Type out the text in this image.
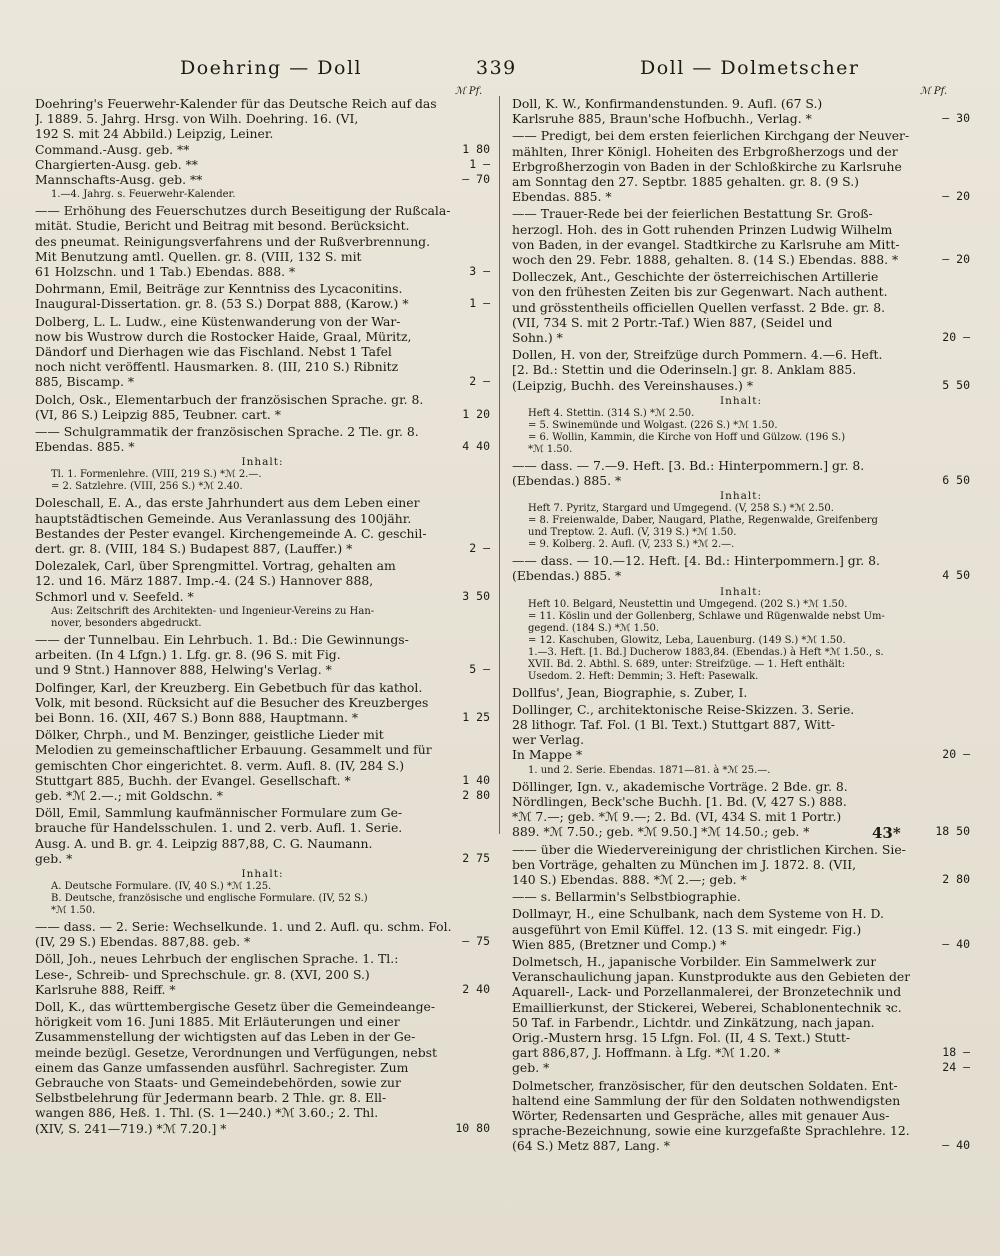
Doehring — Doll	339	Doll — Dolmetscher
ℳ Pf.	ℳ Pf.
Doehring's Feuerwehr-Kalender für das Deutsche Reich auf das
J. 1889. 5. Jahrg. Hrsg. von Wilh. Doehring. 16. (VI,
192 S. mit 24 Abbild.) Leipzig, Leiner.
Command.-Ausg. geb. **	1 80
Chargierten-Ausg. geb. **	1 —
Mannschafts-Ausg. geb. **	— 70
1.—4. Jahrg. s. Feuerwehr-Kalender.
—— Erhöhung des Feuerschutzes durch Beseitigung der Rußcala-
mität. Studie, Bericht und Beitrag mit besond. Berücksicht.
des pneumat. Reinigungsverfahrens und der Rußverbrennung.
Mit Benutzung amtl. Quellen. gr. 8. (VIII, 132 S. mit
61 Holzschn. und 1 Tab.) Ebendas. 888. *	3 —
Dohrmann, Emil, Beiträge zur Kenntniss des Lycaconitins.
Inaugural-Dissertation. gr. 8. (53 S.) Dorpat 888, (Karow.) *	1 —
Dolberg, L. L. Ludw., eine Küstenwanderung von der War-
now bis Wustrow durch die Rostocker Haide, Graal, Müritz,
Dändorf und Dierhagen wie das Fischland. Nebst 1 Tafel
noch nicht veröffentl. Hausmarken. 8. (III, 210 S.) Ribnitz
885, Biscamp. *	2 —
Dolch, Osk., Elementarbuch der französischen Sprache. gr. 8.
(VI, 86 S.) Leipzig 885, Teubner. cart. *	1 20
—— Schulgrammatik der französischen Sprache. 2 Tle. gr. 8.
Ebendas. 885. *	4 40
Inhalt:
Tl. 1. Formenlehre. (VIII, 219 S.) *ℳ 2.—.
= 2. Satzlehre. (VIII, 256 S.) *ℳ 2.40.
Doleschall, E. A., das erste Jahrhundert aus dem Leben einer
hauptstädtischen Gemeinde. Aus Veranlassung des 100jähr.
Bestandes der Pester evangel. Kirchengemeinde A. C. geschil-
dert. gr. 8. (VIII, 184 S.) Budapest 887, (Lauffer.) *	2 —
Dolezalek, Carl, über Sprengmittel. Vortrag, gehalten am
12. und 16. März 1887. Imp.-4. (24 S.) Hannover 888,
Schmorl und v. Seefeld. *	3 50
Aus: Zeitschrift des Architekten- und Ingenieur-Vereins zu Han-
nover, besonders abgedruckt.
—— der Tunnelbau. Ein Lehrbuch. 1. Bd.: Die Gewinnungs-
arbeiten. (In 4 Lfgn.) 1. Lfg. gr. 8. (96 S. mit Fig.
und 9 Stnt.) Hannover 888, Helwing's Verlag. *	5 —
Dolfinger, Karl, der Kreuzberg. Ein Gebetbuch für das kathol.
Volk, mit besond. Rücksicht auf die Besucher des Kreuzberges
bei Bonn. 16. (XII, 467 S.) Bonn 888, Hauptmann. *	1 25
Dölker, Chrph., und M. Benzinger, geistliche Lieder mit
Melodien zu gemeinschaftlicher Erbauung. Gesammelt und für
gemischten Chor eingerichtet. 8. verm. Aufl. 8. (IV, 284 S.)
Stuttgart 885, Buchh. der Evangel. Gesellschaft. *	1 40
geb. *ℳ 2.—.; mit Goldschn. *	2 80
Döll, Emil, Sammlung kaufmännischer Formulare zum Ge-
brauche für Handelsschulen. 1. und 2. verb. Aufl. 1. Serie.
Ausg. A. und B. gr. 4. Leipzig 887,88, C. G. Naumann.
geb. *	2 75
Inhalt:
A. Deutsche Formulare. (IV, 40 S.) *ℳ 1.25.
B. Deutsche, französische und englische Formulare. (IV, 52 S.)
*ℳ 1.50.
—— dass. — 2. Serie: Wechselkunde. 1. und 2. Aufl. qu. schm. Fol.
(IV, 29 S.) Ebendas. 887,88. geb. *	— 75
Döll, Joh., neues Lehrbuch der englischen Sprache. 1. Tl.:
Lese-, Schreib- und Sprechschule. gr. 8. (XVI, 200 S.)
Karlsruhe 888, Reiff. *	2 40
Doll, K., das württembergische Gesetz über die Gemeindeange-
hörigkeit vom 16. Juni 1885. Mit Erläuterungen und einer
Zusammenstellung der wichtigsten auf das Leben in der Ge-
meinde bezügl. Gesetze, Verordnungen und Verfügungen, nebst
einem das Ganze umfassenden ausführl. Sachregister. Zum
Gebrauche von Staats- und Gemeindebehörden, sowie zur
Selbstbelehrung für Jedermann bearb. 2 Thle. gr. 8. Ell-
wangen 886, Heß. 1. Thl. (S. 1—240.) *ℳ 3.60.; 2. Thl.
(XIV, S. 241—719.) *ℳ 7.20.] *	10 80
Doll, K. W., Konfirmandenstunden. 9. Aufl. (67 S.)
Karlsruhe 885, Braun'sche Hofbuchh., Verlag. *	— 30
—— Predigt, bei dem ersten feierlichen Kirchgang der Neuver-
mählten, Ihrer Königl. Hoheiten des Erbgroßherzogs und der
Erbgroßherzogin von Baden in der Schloßkirche zu Karlsruhe
am Sonntag den 27. Septbr. 1885 gehalten. gr. 8. (9 S.)
Ebendas. 885. *	— 20
—— Trauer-Rede bei der feierlichen Bestattung Sr. Groß-
herzogl. Hoh. des in Gott ruhenden Prinzen Ludwig Wilhelm
von Baden, in der evangel. Stadtkirche zu Karlsruhe am Mitt-
woch den 29. Febr. 1888, gehalten. 8. (14 S.) Ebendas. 888. *	— 20
Dolleczek, Ant., Geschichte der österreichischen Artillerie
von den frühesten Zeiten bis zur Gegenwart. Nach authent.
und grösstentheils officiellen Quellen verfasst. 2 Bde. gr. 8.
(VII, 734 S. mit 2 Portr.-Taf.) Wien 887, (Seidel und
Sohn.) *	20 —
Dollen, H. von der, Streifzüge durch Pommern. 4.—6. Heft.
[2. Bd.: Stettin und die Oderinseln.] gr. 8. Anklam 885.
(Leipzig, Buchh. des Vereinshauses.) *	5 50
Inhalt:
Heft 4. Stettin. (314 S.) *ℳ 2.50.
= 5. Swinemünde und Wolgast. (226 S.) *ℳ 1.50.
= 6. Wollin, Kammin, die Kirche von Hoff und Gülzow. (196 S.)
*ℳ 1.50.
—— dass. — 7.—9. Heft. [3. Bd.: Hinterpommern.] gr. 8.
(Ebendas.) 885. *	6 50
Inhalt:
Heft 7. Pyritz, Stargard und Umgegend. (V, 258 S.) *ℳ 2.50.
= 8. Freienwalde, Daber, Naugard, Plathe, Regenwalde, Greifenberg
und Treptow. 2. Aufl. (V, 319 S.) *ℳ 1.50.
= 9. Kolberg. 2. Aufl. (V, 233 S.) *ℳ 2.—.
—— dass. — 10.—12. Heft. [4. Bd.: Hinterpommern.] gr. 8.
(Ebendas.) 885. *	4 50
Inhalt:
Heft 10. Belgard, Neustettin und Umgegend. (202 S.) *ℳ 1.50.
= 11. Köslin und der Gollenberg, Schlawe und Rügenwalde nebst Um-
gegend. (184 S.) *ℳ 1.50.
= 12. Kaschuben, Glowitz, Leba, Lauenburg. (149 S.) *ℳ 1.50.
1.—3. Heft. [1. Bd.] Ducherow 1883,84. (Ebendas.) à Heft *ℳ 1.50., s.
XVII. Bd. 2. Abthl. S. 689, unter: Streifzüge. — 1. Heft enthält:
Usedom. 2. Heft: Demmin; 3. Heft: Pasewalk.
Dollfus', Jean, Biographie, s. Zuber, I.
Dollinger, C., architektonische Reise-Skizzen. 3. Serie.
28 lithogr. Taf. Fol. (1 Bl. Text.) Stuttgart 887, Witt-
wer Verlag.
In Mappe *	20 —
1. und 2. Serie. Ebendas. 1871—81. à *ℳ 25.—.
Döllinger, Ign. v., akademische Vorträge. 2 Bde. gr. 8.
Nördlingen, Beck'sche Buchh. [1. Bd. (V, 427 S.) 888.
*ℳ 7.—; geb. *ℳ 9.—; 2. Bd. (VI, 434 S. mit 1 Portr.)
889. *ℳ 7.50.; geb. *ℳ 9.50.] *ℳ 14.50.; geb. *	18 50
—— über die Wiedervereinigung der christlichen Kirchen. Sie-
ben Vorträge, gehalten zu München im J. 1872. 8. (VII,
140 S.) Ebendas. 888. *ℳ 2.—; geb. *	2 80
—— s. Bellarmin's Selbstbiographie.
Dollmayr, H., eine Schulbank, nach dem Systeme von H. D.
ausgeführt von Emil Küffel. 12. (13 S. mit eingedr. Fig.)
Wien 885, (Bretzner und Comp.) *	— 40
Dolmetsch, H., japanische Vorbilder. Ein Sammelwerk zur
Veranschaulichung japan. Kunstprodukte aus den Gebieten der
Aquarell-, Lack- und Porzellanmalerei, der Bronzetechnik und
Emaillierkunst, der Stickerei, Weberei, Schablonentechnik ꝛc.
50 Taf. in Farbendr., Lichtdr. und Zinkätzung, nach japan.
Orig.-Mustern hrsg. 15 Lfgn. Fol. (II, 4 S. Text.) Stutt-
gart 886,87, J. Hoffmann. à Lfg. *ℳ 1.20. *	18 —
geb. *	24 —
Dolmetscher, französischer, für den deutschen Soldaten. Ent-
haltend eine Sammlung der für den Soldaten nothwendigsten
Wörter, Redensarten und Gespräche, alles mit genauer Aus-
sprache-Bezeichnung, sowie eine kurzgefaßte Sprachlehre. 12.
(64 S.) Metz 887, Lang. *	— 40
43*
